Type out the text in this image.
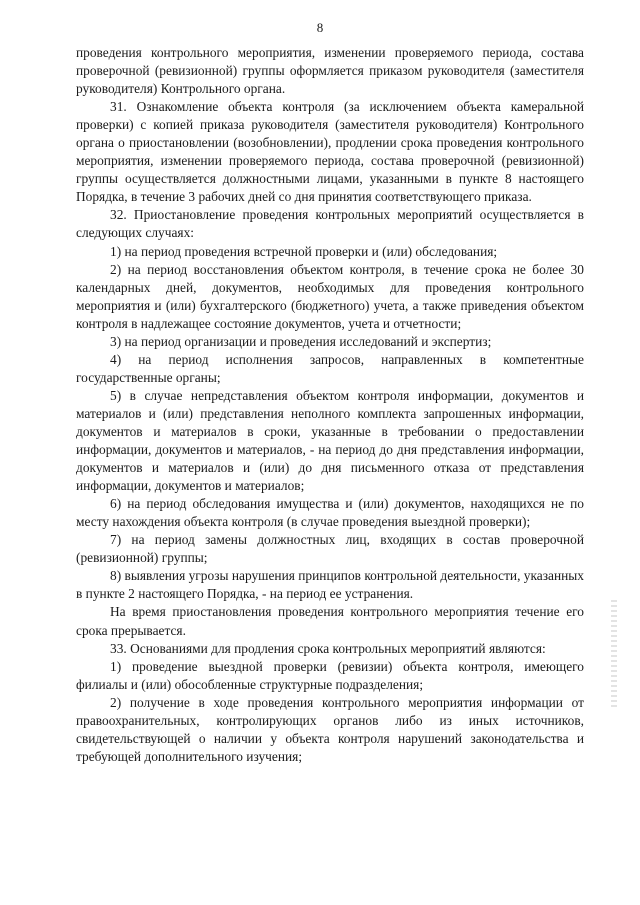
8

проведения контрольного мероприятия, изменении проверяемого периода, состава проверочной (ревизионной) группы оформляется приказом руководителя (заместителя руководителя) Контрольного органа.

31. Ознакомление объекта контроля (за исключением объекта камеральной проверки) с копией приказа руководителя (заместителя руководителя) Контрольного органа о приостановлении (возобновлении), продлении срока проведения контрольного мероприятия, изменении проверяемого периода, состава проверочной (ревизионной) группы осуществляется должностными лицами, указанными в пункте 8 настоящего Порядка, в течение 3 рабочих дней со дня принятия соответствующего приказа.

32. Приостановление проведения контрольных мероприятий осуществляется в следующих случаях:

1) на период проведения встречной проверки и (или) обследования;

2) на период восстановления объектом контроля, в течение срока не более 30 календарных дней, документов, необходимых для проведения контрольного мероприятия и (или) бухгалтерского (бюджетного) учета, а также приведения объектом контроля в надлежащее состояние документов, учета и отчетности;

3) на период организации и проведения исследований и экспертиз;

4) на период исполнения запросов, направленных в компетентные государственные органы;

5) в случае непредставления объектом контроля информации, документов и материалов и (или) представления неполного комплекта запрошенных информации, документов и материалов в сроки, указанные в требовании о предоставлении информации, документов и материалов, - на период до дня представления информации, документов и материалов и (или) до дня письменного отказа от представления информации, документов и материалов;

6) на период обследования имущества и (или) документов, находящихся не по месту нахождения объекта контроля (в случае проведения выездной проверки);

7) на период замены должностных лиц, входящих в состав проверочной (ревизионной) группы;

8) выявления угрозы нарушения принципов контрольной деятельности, указанных в пункте 2 настоящего Порядка, - на период ее устранения.

На время приостановления проведения контрольного мероприятия течение его срока прерывается.

33. Основаниями для продления срока контрольных мероприятий являются:

1) проведение выездной проверки (ревизии) объекта контроля, имеющего филиалы и (или) обособленные структурные подразделения;

2) получение в ходе проведения контрольного мероприятия информации от правоохранительных, контролирующих органов либо из иных источников, свидетельствующей о наличии у объекта контроля нарушений законодательства и требующей дополнительного изучения;
